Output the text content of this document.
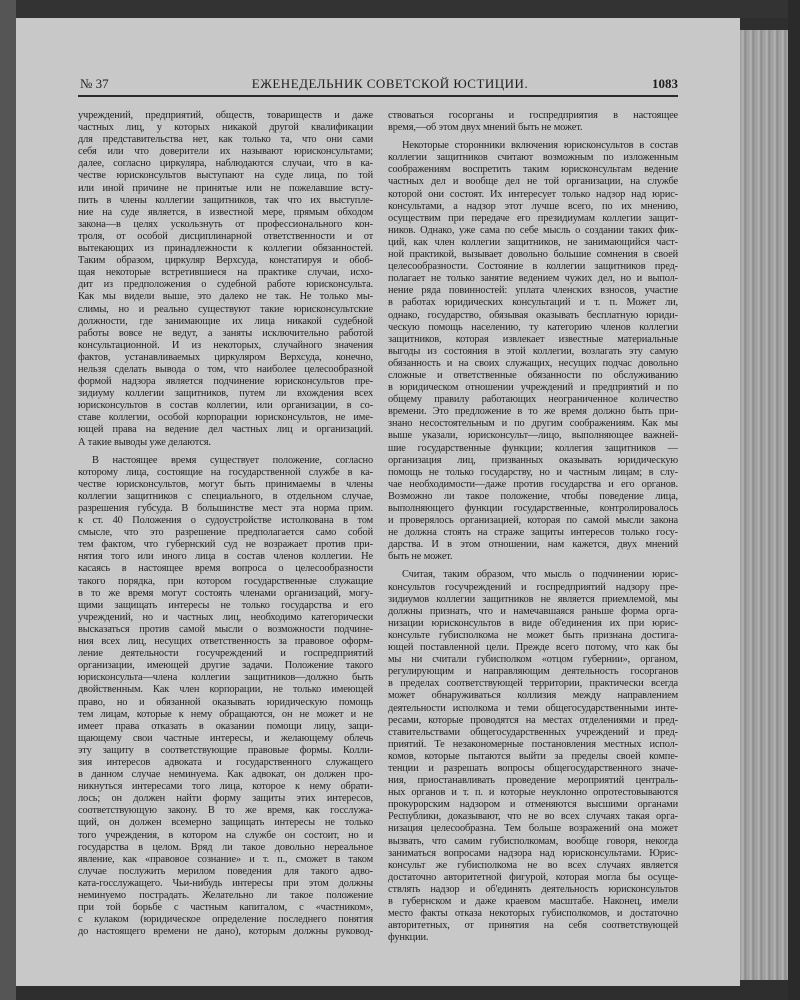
№ 37	ЕЖЕНЕДЕЛЬНИК СОВЕТСКОЙ ЮСТИЦИИ.	1083
учреждений, предприятий, обществ, товариществ и даже
частных лиц, у которых никакой другой квалификации
для представительства нет, как только та, что они сами
себя или что доверители их называют юрисконсультами;
далее, согласно циркуляра, наблюдаются случаи, что в ка-
честве юрисконсультов выступают на суде лица, по той
или иной причине не принятые или не пожелавшие всту-
пить в члены коллегии защитников, так что их выступле-
ние на суде является, в известной мере, прямым обходом
закона—в целях ускользнуть от профессионального кон-
троля, от особой дисциплинарной ответственности и от
вытекающих из принадлежности к коллегии обязанностей.
Таким образом, циркуляр Верхсуда, констатируя и обоб-
щая некоторые встретившиеся на практике случаи, исхо-
дит из предположения о судебной работе юрисконсульта.
Как мы видели выше, это далеко не так. Не только мы-
слимы, но и реально существуют такие юрисконсультские
должности, где занимающие их лица никакой судебной
работы вовсе не ведут, а заняты исключительно работой
консультационной. И из некоторых, случайного значения
фактов, устанавливаемых циркуляром Верхсуда, конечно,
нельзя сделать вывода о том, что наиболее целесообразной
формой надзора является подчинение юрисконсультов пре-
зидиуму коллегии защитников, путем ли вхождения всех
юрисконсультов в состав коллегии, или организации, в со-
ставе коллегии, особой корпорации юрисконсультов, не име-
ющей права на ведение дел частных лиц и организаций.
А такие выводы уже делаются.
В настоящее время существует положение, согласно
которому лица, состоящие на государственной службе в ка-
честве юрисконсультов, могут быть принимаемы в члены
коллегии защитников с специального, в отдельном случае,
разрешения губсуда. В большинстве мест эта норма прим.
к ст. 40 Положения о судоустройстве истолкована в том
смысле, что это разрешение предполагается само собой
тем фактом, что губернский суд не возражает против при-
нятия того или иного лица в состав членов коллегии. Не
касаясь в настоящее время вопроса о целесообразности
такого порядка, при котором государственные служащие
в то же время могут состоять членами организаций, могу-
щими защищать интересы не только государства и его
учреждений, но и частных лиц, необходимо категорически
высказаться против самой мысли о возможности подчине-
ния всех лиц, несущих ответственность за правовое оформ-
ление деятельности госучреждений и госпредприятий
организации, имеющей другие задачи. Положение такого
юрисконсульта—члена коллегии защитников—должно быть
двойственным. Как член корпорации, не только имеющей
право, но и обязанной оказывать юридическую помощь
тем лицам, которые к нему обращаются, он не может и не
имеет права отказать в оказании помощи лицу, защи-
щающему свои частные интересы, и желающему облечь
эту защиту в соответствующие правовые формы. Колли-
зия интересов адвоката и государственного служащего
в данном случае неминуема. Как адвокат, он должен про-
никнуться интересами того лица, которое к нему обрати-
лось; он должен найти форму защиты этих интересов,
соответствующую закону. В то же время, как госслужа-
щий, он должен всемерно защищать интересы не только
того учреждения, в котором на службе он состоит, но и
государства в целом. Вряд ли такое довольно нереальное
явление, как «правовое сознание» и т. п., сможет в таком
случае послужить мерилом поведения для такого адво-
ката-госслужащего. Чьи-нибудь интересы при этом должны
неминуемо пострадать. Желательно ли такое положение
при той борьбе с частным капиталом, с «частником»,
с кулаком (юридическое определение последнего понятия
до настоящего времени не дано), которым должны руковод-
ствоваться госорганы и госпредприятия в настоящее
время,—об этом двух мнений быть не может.
Некоторые сторонники включения юрисконсультов в состав
коллегии защитников считают возможным по изложенным
соображениям воспретить таким юрисконсультам ведение
частных дел и вообще дел не той организации, на службе
которой они состоят. Их интересует только надзор над юрис-
консультами, а надзор этот лучше всего, по их мнению,
осуществим при передаче его президиумам коллегии защит-
ников. Однако, уже сама по себе мысль о создании таких фик-
ций, как член коллегии защитников, не занимающийся част-
ной практикой, вызывает довольно большие сомнения в своей
целесообразности. Состояние в коллегии защитников пред-
полагает не только занятие ведением чужих дел, но и выпол-
нение ряда повинностей: уплата членских взносов, участие
в работах юридических консультаций и т. п. Может ли,
однако, государство, обязывая оказывать бесплатную юриди-
ческую помощь населению, ту категорию членов коллегии
защитников, которая извлекает известные материальные
выгоды из состояния в этой коллегии, возлагать эту самую
обязанность и на своих служащих, несущих подчас довольно
сложные и ответственные обязанности по обслуживанию
в юридическом отношении учреждений и предприятий и по
общему правилу работающих неограниченное количество
времени. Это предложение в то же время должно быть при-
знано несостоятельным и по другим соображениям. Как мы
выше указали, юрисконсульт—лицо, выполняющее важней-
шие государственные функции; коллегия защитников —
организация лиц, призванных оказывать юридическую
помощь не только государству, но и частным лицам; в слу-
чае необходимости—даже против государства и его органов.
Возможно ли такое положение, чтобы поведение лица,
выполняющего функции государственные, контролировалось
и проверялось организацией, которая по самой мысли закона
не должна стоять на страже защиты интересов только госу-
дарства. И в этом отношении, нам кажется, двух мнений
быть не может.
Считая, таким образом, что мысль о подчинении юрис-
консультов госучреждений и госпредприятий надзору пре-
зидиумов коллегии защитников не является приемлемой, мы
должны признать, что и намечавшаяся раньше форма орга-
низации юрисконсультов в виде об'единения их при юрис-
консульте губисполкома не может быть признана достига-
ющей поставленной цели. Прежде всего потому, что как бы
мы ни считали губисполком «отцом губернии», органом,
регулирующим и направляющим деятельность госорганов
в пределах соответствующей территории, практически всегда
может обнаруживаться коллизия между направлением
деятельности исполкома и теми общегосударственными инте-
ресами, которые проводятся на местах отделениями и пред-
ставительствами общегосударственных учреждений и пред-
приятий. Те незакономерные постановления местных испол-
комов, которые пытаются выйти за пределы своей компе-
тенции и разрешать вопросы общегосударственного значе-
ния, приостанавливать проведение мероприятий централь-
ных органов и т. п. и которые неуклонно опротестовываются
прокурорским надзором и отменяются высшими органами
Республики, доказывают, что не во всех случаях такая орга-
низация целесообразна. Тем больше возражений она может
вызвать, что самим губисполкомам, вообще говоря, некогда
заниматься вопросами надзора над юрисконсультами. Юрис-
консульт же губисполкома не во всех случаях является
достаточно авторитетной фигурой, которая могла бы осуще-
ствлять надзор и об'единять деятельность юрисконсультов
в губернском и даже краевом масштабе. Наконец, имели
место факты отказа некоторых губисполкомов, и достаточно
авторитетных, от принятия на себя соответствующей
функции.
